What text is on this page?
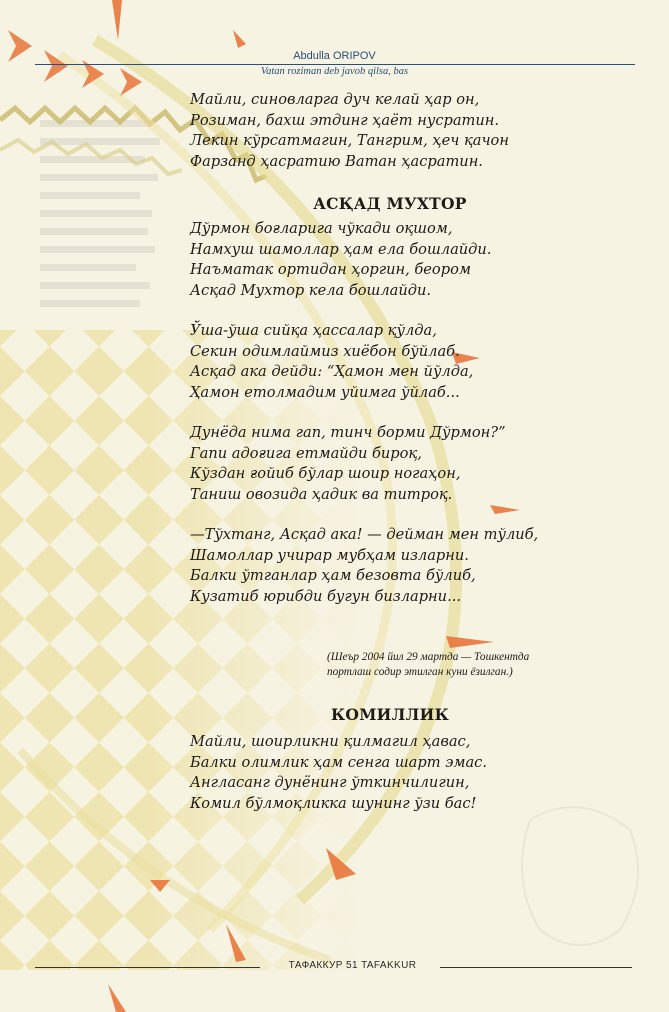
Abdulla ORIPOV
Vatan roziman deb javob qilsa, bas
Майли, синовларга дуч келай ҳар он,
Розиман, бахш этдинг ҳаёт нусратин.
Лекин кўрсатмагин, Тангрим, ҳеч қачон
Фарзанд ҳасратию Ватан ҳасратин.
АСҚАД МУХТОР
Дўрмон боғларига чўкади оқшом,
Намхуш шамоллар ҳам ела бошлайди.
Наъматак ортидан ҳоргин, беором
Асқад Мухтор кела бошлайди.
Ўша-ўша сийқа ҳассалар қўлда,
Секин одимлаймиз хиёбон бўйлаб.
Асқад ака дейди: “Ҳамон мен йўлда,
Ҳамон етолмадим уйимга ўйлаб...
Дунёда нима гап, тинч борми Дўрмон?”
Гапи адоғига етмайди бироқ,
Кўздан ғойиб бўлар шоир ногаҳон,
Таниш овозида ҳадик ва титроқ.
—Тўхтанг, Асқад ака! — дейман мен тўлиб,
Шамоллар учирар мубҳам изларни.
Балки ўтганлар ҳам безовта бўлиб,
Кузатиб юрибди бугун бизларни...
(Шеър 2004 йил 29 мартда — Тошкентда
портлаш содир этилган куни ёзилган.)
КОМИЛЛИК
Майли, шоирликни қилмагил ҳавас,
Балки олимлик ҳам сенга шарт эмас.
Англасанг дунёнинг ўткинчилигин,
Комил бўлмоқликка шунинг ўзи бас!
ТАФАККУР 51 TAFAKKUR
